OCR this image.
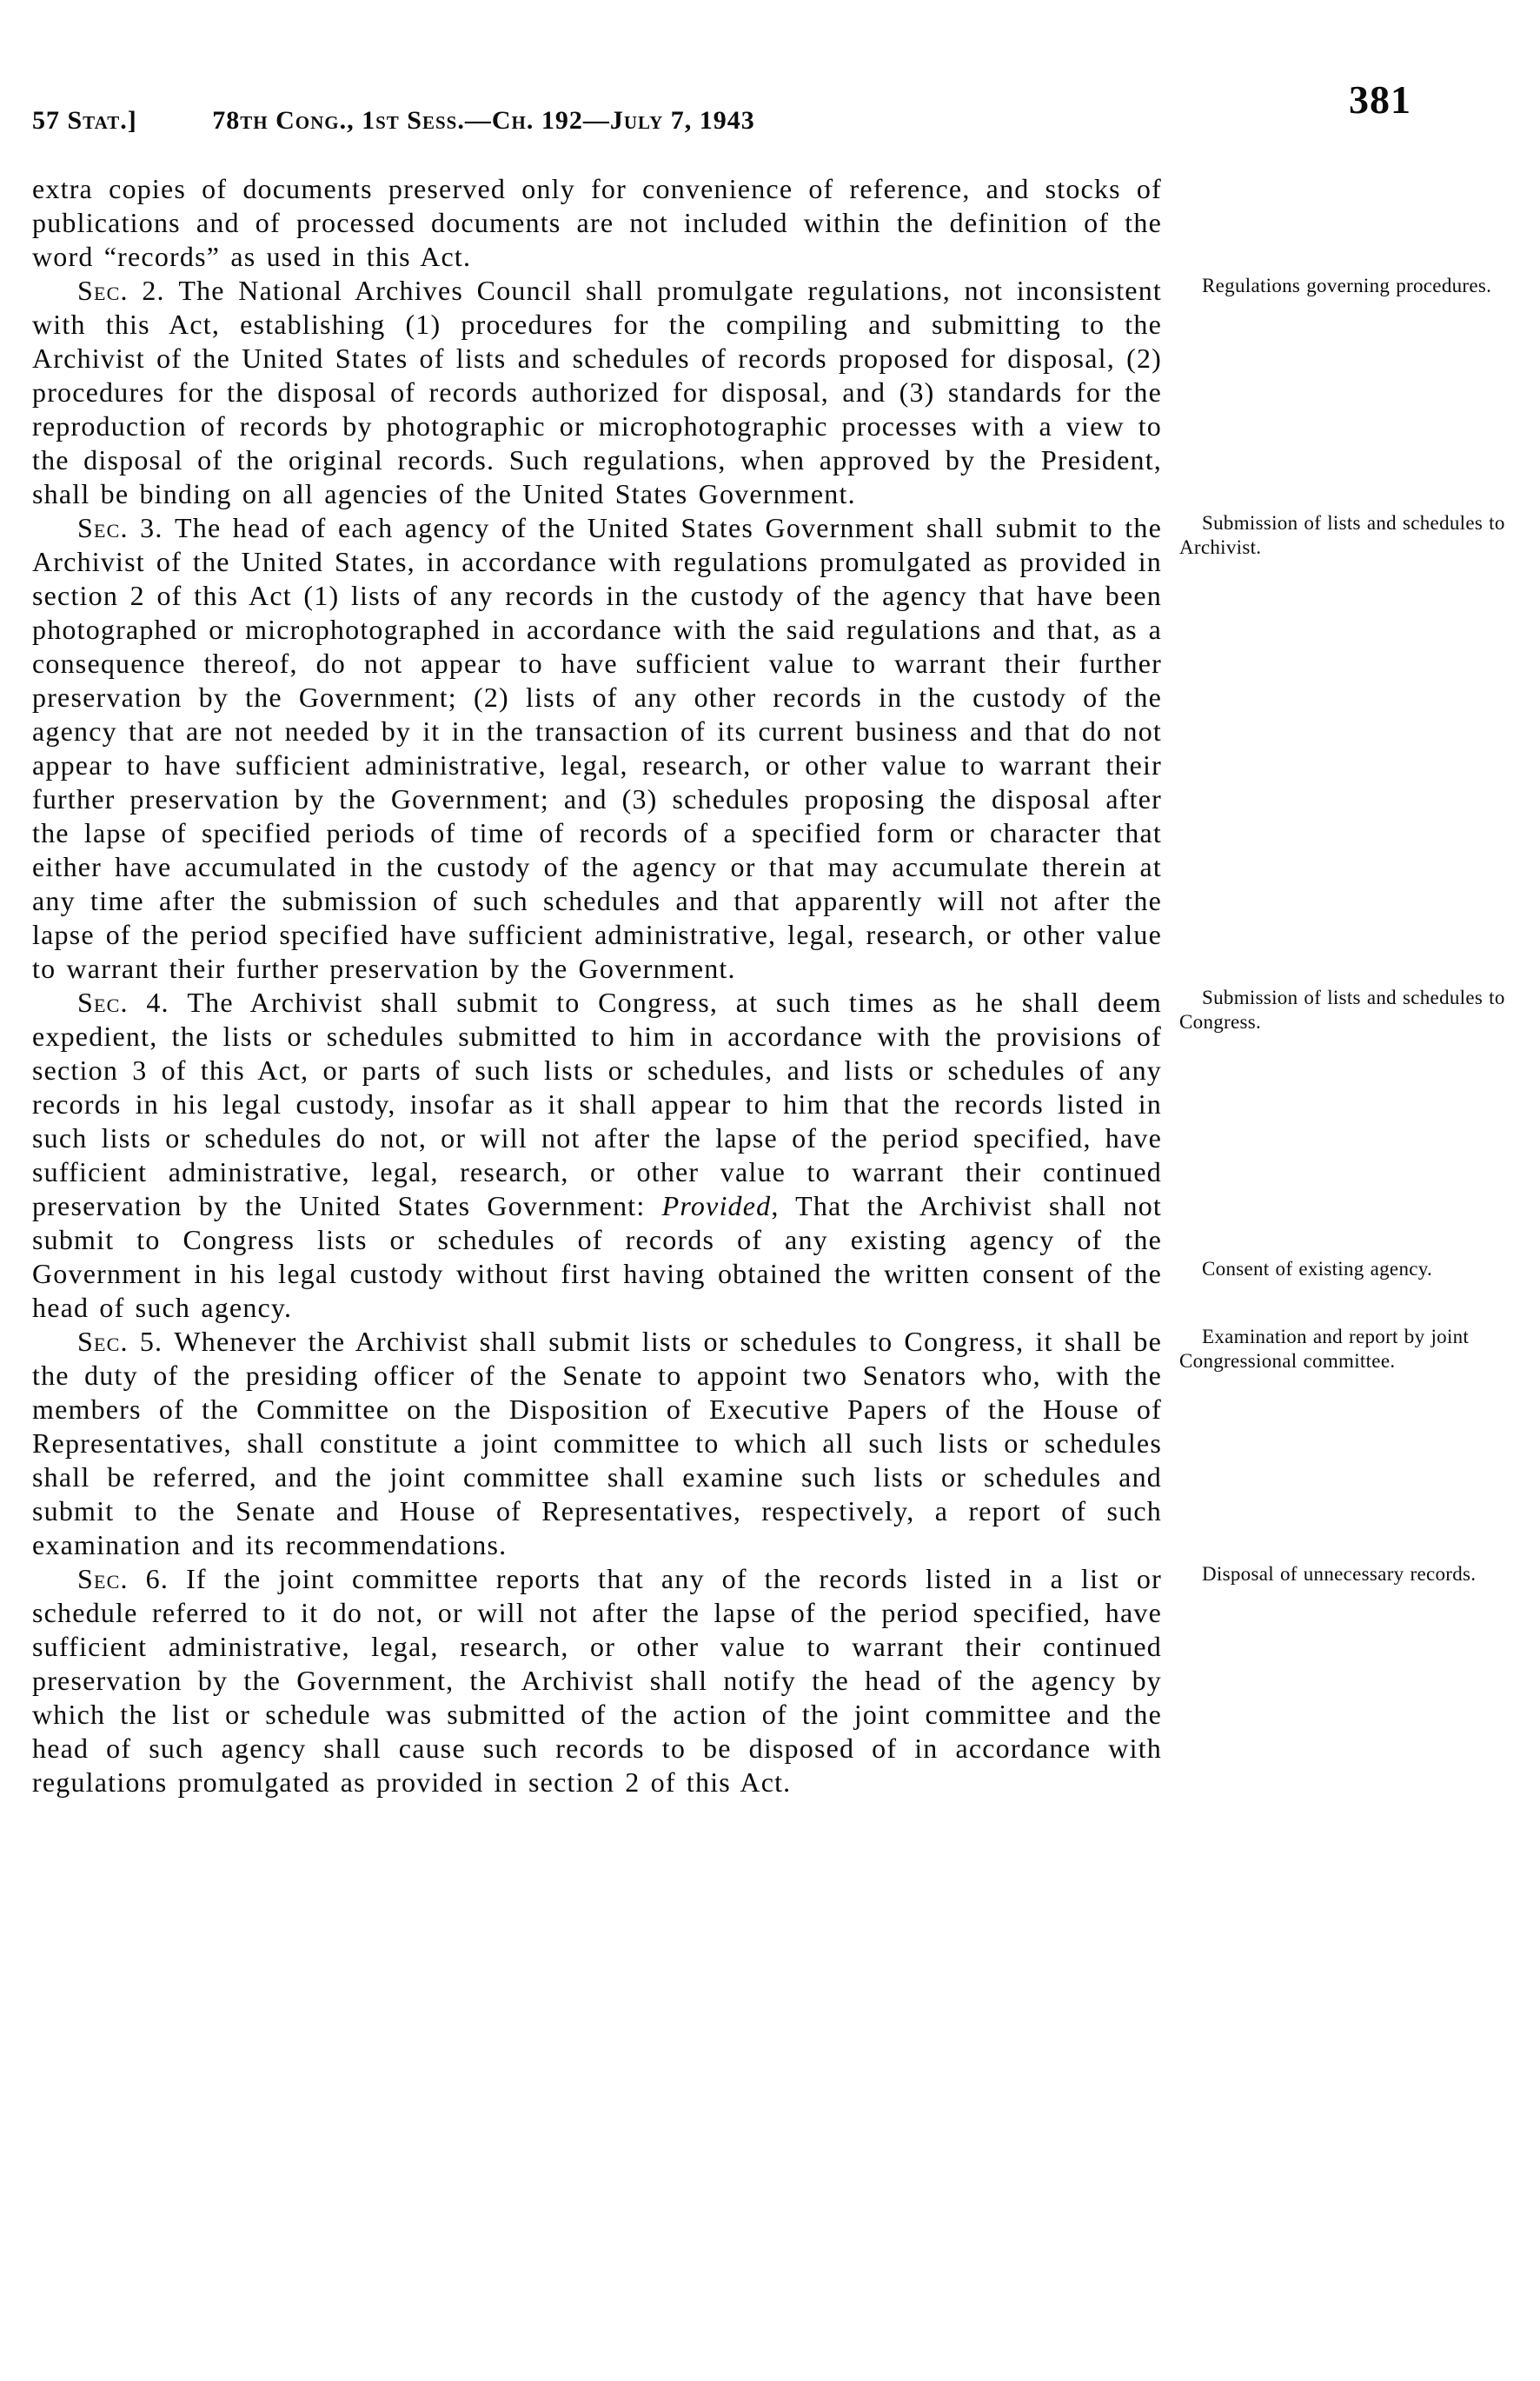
57 Stat.]	78th Cong., 1st Sess.—Ch. 192—July 7, 1943	381

extra copies of documents preserved only for convenience of reference, and stocks of publications and of processed documents are not included within the definition of the word “records” as used in this Act.

Sec. 2. The National Archives Council shall promulgate regulations, not inconsistent with this Act, establishing (1) procedures for the compiling and submitting to the Archivist of the United States of lists and schedules of records proposed for disposal, (2) procedures for the disposal of records authorized for disposal, and (3) standards for the reproduction of records by photographic or microphotographic processes with a view to the disposal of the original records. Such regulations, when approved by the President, shall be binding on all agencies of the United States Government.
Regulations governing procedures.

Sec. 3. The head of each agency of the United States Government shall submit to the Archivist of the United States, in accordance with regulations promulgated as provided in section 2 of this Act (1) lists of any records in the custody of the agency that have been photographed or microphotographed in accordance with the said regulations and that, as a consequence thereof, do not appear to have sufficient value to warrant their further preservation by the Government; (2) lists of any other records in the custody of the agency that are not needed by it in the transaction of its current business and that do not appear to have sufficient administrative, legal, research, or other value to warrant their further preservation by the Government; and (3) schedules proposing the disposal after the lapse of specified periods of time of records of a specified form or character that either have accumulated in the custody of the agency or that may accumulate therein at any time after the submission of such schedules and that apparently will not after the lapse of the period specified have sufficient administrative, legal, research, or other value to warrant their further preservation by the Government.
Submission of lists and schedules to Archivist.

Sec. 4. The Archivist shall submit to Congress, at such times as he shall deem expedient, the lists or schedules submitted to him in accordance with the provisions of section 3 of this Act, or parts of such lists or schedules, and lists or schedules of any records in his legal custody, insofar as it shall appear to him that the records listed in such lists or schedules do not, or will not after the lapse of the period specified, have sufficient administrative, legal, research, or other value to warrant their continued preservation by the United States Government: Provided, That the Archivist shall not submit to Congress lists or schedules of records of any existing agency of the Government in his legal custody without first having obtained the written consent of the head of such agency.
Submission of lists and schedules to Congress.
Consent of existing agency.

Sec. 5. Whenever the Archivist shall submit lists or schedules to Congress, it shall be the duty of the presiding officer of the Senate to appoint two Senators who, with the members of the Committee on the Disposition of Executive Papers of the House of Representatives, shall constitute a joint committee to which all such lists or schedules shall be referred, and the joint committee shall examine such lists or schedules and submit to the Senate and House of Representatives, respectively, a report of such examination and its recommendations.
Examination and report by joint Congressional committee.

Sec. 6. If the joint committee reports that any of the records listed in a list or schedule referred to it do not, or will not after the lapse of the period specified, have sufficient administrative, legal, research, or other value to warrant their continued preservation by the Government, the Archivist shall notify the head of the agency by which the list or schedule was submitted of the action of the joint committee and the head of such agency shall cause such records to be disposed of in accordance with regulations promulgated as provided in section 2 of this Act.
Disposal of unnecessary records.
